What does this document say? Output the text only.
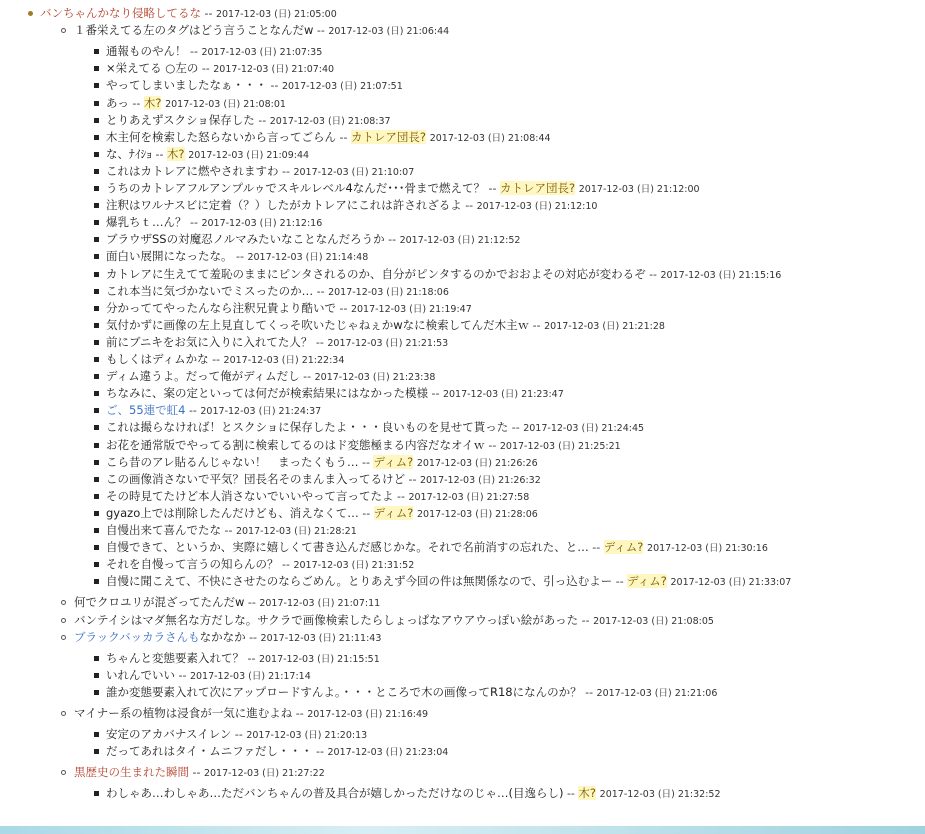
バンちゃんかなり侵略してるな -- 2017-12-03 (日) 21:05:00
１番栄えてる左のタグはどう言うことなんだw -- 2017-12-03 (日) 21:06:44
通報ものやん！ -- 2017-12-03 (日) 21:07:35
×栄えてる ○左の -- 2017-12-03 (日) 21:07:40
やってしまいましたなぁ・・・ -- 2017-12-03 (日) 21:07:51
あっ -- 木? 2017-12-03 (日) 21:08:01
とりあえずスクショ保存した -- 2017-12-03 (日) 21:08:37
木主何を検索した怒らないから言ってごらん -- カトレア団長? 2017-12-03 (日) 21:08:44
な、ﾅｲｼｮ -- 木? 2017-12-03 (日) 21:09:44
これはカトレアに燃やされますわ -- 2017-12-03 (日) 21:10:07
うちのカトレアフルアンプルゥでスキルレベル4なんだ･･･骨まで燃えて？ -- カトレア団長? 2017-12-03 (日) 21:12:00
注釈はワルナスビに定着（？）したがカトレアにこれは許されざるよ -- 2017-12-03 (日) 21:12:10
爆乳ちｔ…ん？ -- 2017-12-03 (日) 21:12:16
ブラウザSSの対魔忍ノルマみたいなことなんだろうか -- 2017-12-03 (日) 21:12:52
面白い展開になったな。 -- 2017-12-03 (日) 21:14:48
カトレアに生えてて羞恥のままにピンタされるのか、自分がピンタするのかでおおよその対応が変わるぞ -- 2017-12-03 (日) 21:15:16
これ本当に気づかないでミスったのか… -- 2017-12-03 (日) 21:18:06
分かっててやったんなら注釈兄貴より酷いで -- 2017-12-03 (日) 21:19:47
気付かずに画像の左上見直してくっそ吹いたじゃねぇかwなに検索してんだ木主ｗ -- 2017-12-03 (日) 21:21:28
前にブニキをお気に入りに入れてた人？ -- 2017-12-03 (日) 21:21:53
もしくはディムかな -- 2017-12-03 (日) 21:22:34
ディム違うよ。だって俺がディムだし -- 2017-12-03 (日) 21:23:38
ちなみに、案の定といっては何だが検索結果にはなかった模様 -- 2017-12-03 (日) 21:23:47
ご、55連で虹4 -- 2017-12-03 (日) 21:24:37
これは撮らなければ！とスクショに保存したよ・・・良いものを見せて貰った -- 2017-12-03 (日) 21:24:45
お花を通常版でやってる割に検索してるのはド変態極まる内容だなオイｗ -- 2017-12-03 (日) 21:25:21
こら昔のアレ貼るんじゃない！　まったくもう… -- ディム? 2017-12-03 (日) 21:26:26
この画像消さないで平気？団長名そのまんま入ってるけど -- 2017-12-03 (日) 21:26:32
その時見てたけど本人消さないでいいやって言ってたよ -- 2017-12-03 (日) 21:27:58
gyazo上では削除したんだけども、消えなくて… -- ディム? 2017-12-03 (日) 21:28:06
自慢出来て喜んでたな -- 2017-12-03 (日) 21:28:21
自慢できて、というか、実際に嬉しくて書き込んだ感じかな。それで名前消すの忘れた、と… -- ディム? 2017-12-03 (日) 21:30:16
それを自慢って言うの知らんの？ -- 2017-12-03 (日) 21:31:52
自慢に聞こえて、不快にさせたのならごめん。とりあえず今回の件は無関係なので、引っ込むよー -- ディム? 2017-12-03 (日) 21:33:07
何でクロユリが混ざってたんだw -- 2017-12-03 (日) 21:07:11
バンテイシはマダ無名な方だしな。サクラで画像検索したらしょっぱなアウアウっぽい絵があった -- 2017-12-03 (日) 21:08:05
ブラックバッカラさんもなかなか -- 2017-12-03 (日) 21:11:43
ちゃんと変態要素入れて？ -- 2017-12-03 (日) 21:15:51
いれんでいい -- 2017-12-03 (日) 21:17:14
誰か変態要素入れて次にアップロードすんよ。・・・ところで木の画像ってR18になんのか？ -- 2017-12-03 (日) 21:21:06
マイナー系の植物は浸食が一気に進むよね -- 2017-12-03 (日) 21:16:49
安定のアカバナスイレン -- 2017-12-03 (日) 21:20:13
だってあれはタイ・ムニファだし・・・ -- 2017-12-03 (日) 21:23:04
黒歴史の生まれた瞬間 -- 2017-12-03 (日) 21:27:22
わしゃあ…わしゃあ…ただバンちゃんの普及具合が嬉しかっただけなのじゃ…(目逸らし) -- 木? 2017-12-03 (日) 21:32:52
